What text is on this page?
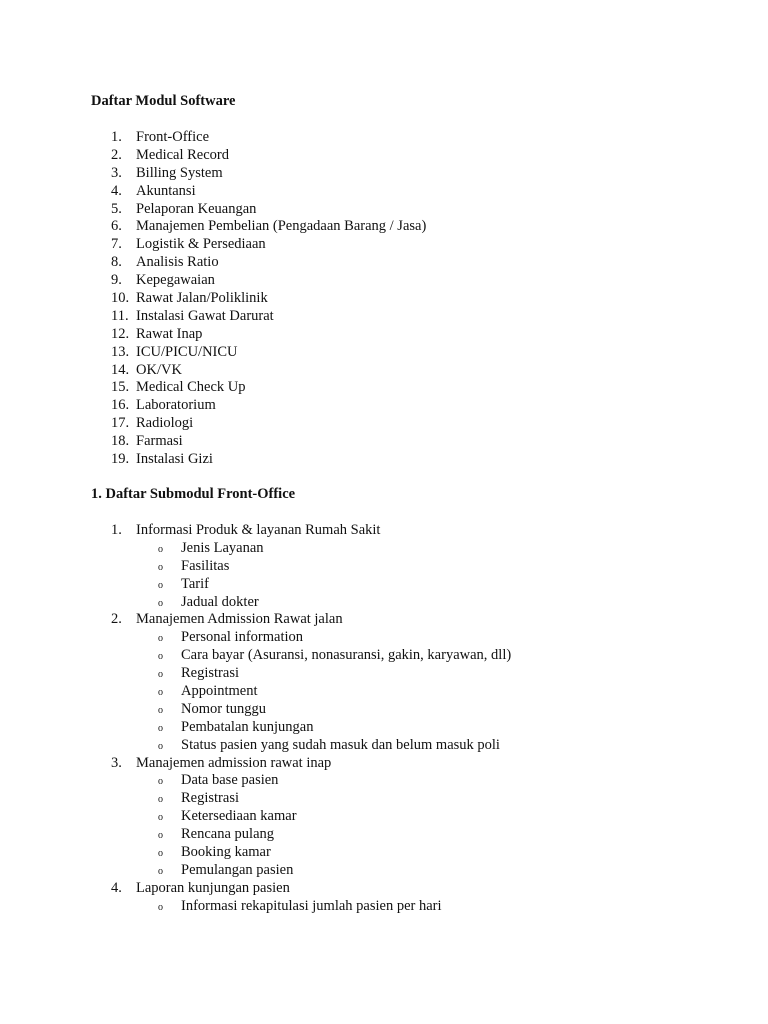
Daftar Modul Software
1. Front-Office
2. Medical Record
3. Billing System
4. Akuntansi
5. Pelaporan Keuangan
6. Manajemen Pembelian (Pengadaan Barang / Jasa)
7. Logistik & Persediaan
8. Analisis Ratio
9. Kepegawaian
10. Rawat Jalan/Poliklinik
11. Instalasi Gawat Darurat
12. Rawat Inap
13. ICU/PICU/NICU
14. OK/VK
15. Medical Check Up
16. Laboratorium
17. Radiologi
18. Farmasi
19. Instalasi Gizi
1. Daftar Submodul Front-Office
1. Informasi Produk & layanan Rumah Sakit
o Jenis Layanan
o Fasilitas
o Tarif
o Jadual dokter
2. Manajemen Admission Rawat jalan
o Personal information
o Cara bayar (Asuransi, nonasuransi, gakin, karyawan, dll)
o Registrasi
o Appointment
o Nomor tunggu
o Pembatalan kunjungan
o Status pasien yang sudah masuk dan belum masuk poli
3. Manajemen admission rawat inap
o Data base pasien
o Registrasi
o Ketersediaan kamar
o Rencana pulang
o Booking kamar
o Pemulangan pasien
4. Laporan kunjungan pasien
o Informasi rekapitulasi jumlah pasien per hari
